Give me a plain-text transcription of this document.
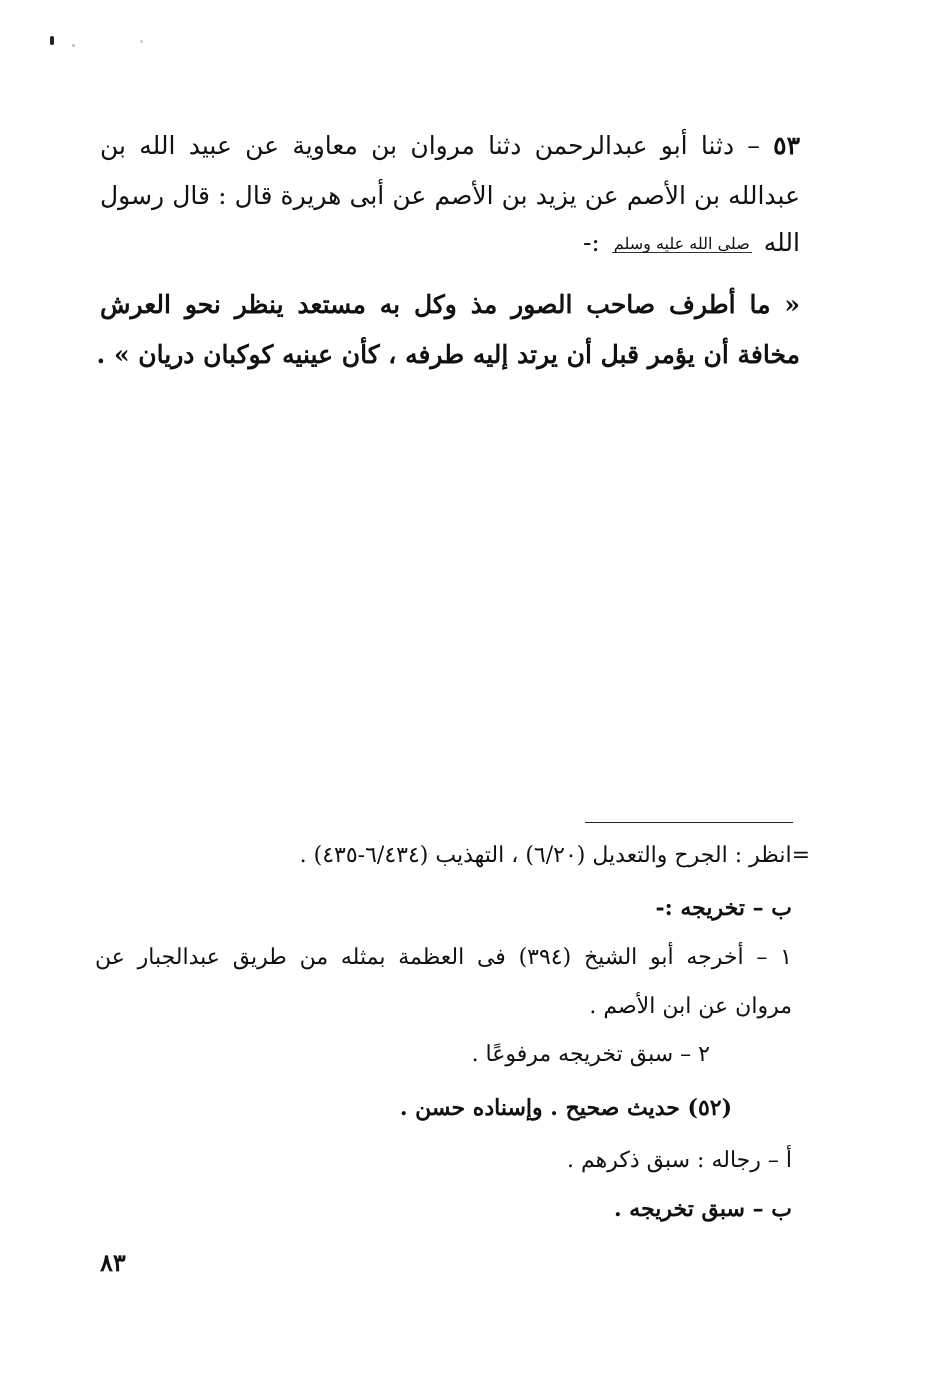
٥٣ – دثنا أبو عبدالرحمن دثنا مروان بن معاوية عن عبيد الله بن
عبدالله بن الأصم عن يزيد بن الأصم عن أبى هريرة قال : قال رسول
الله صلى الله عليه وسلم :-
« ما أطرف صاحب الصور مذ وكل به مستعد ينظر نحو العرش
مخافة أن يؤمر قبل أن يرتد إليه طرفه ، كأن عينيه كوكبان دريان » .
=انظر : الجرح والتعديل (٦/٢٠) ، التهذيب (٦/٤٣٤-٤٣٥) .
ب – تخريجه :-
١ – أخرجه أبو الشيخ (٣٩٤) فى العظمة بمثله من طريق عبدالجبار عن
مروان عن ابن الأصم .
٢ – سبق تخريجه مرفوعًا .
(٥٢) حديث صحيح . وإسناده حسن .
أ – رجاله : سبق ذكرهم .
ب – سبق تخريجه .
٨٣
